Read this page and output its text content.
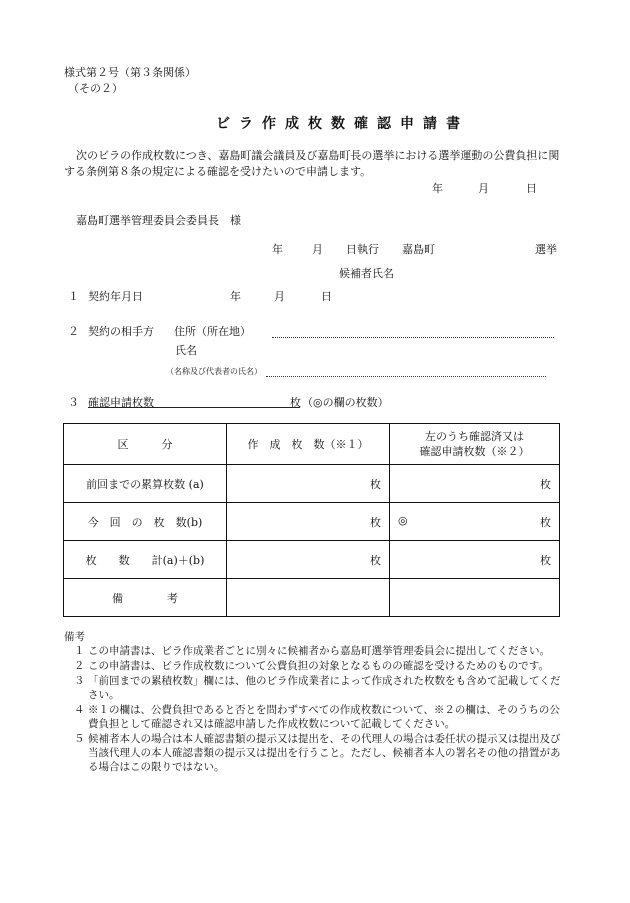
様式第２号（第３条関係）
（その２）
ビラ作成枚数確認申請書
次のビラの作成枚数につき、嘉島町議会議員及び嘉島町長の選挙における選挙運動の公費負担に関する条例第８条の規定による確認を受けたいので申請します。
年	月	日
嘉島町選挙管理委員会委員長　様
年	月 日執行 嘉島町	選挙
候補者氏名
１ 契約年月日	年	月	日
２ 契約の相手方 住所（所在地）
氏名
（名称及び代表者の氏名）
３ 確認申請枚数	枚 （◎の欄の枚数）
区　　　分	作　成　枚　数（※１）	左のうち確認済又は
確認申請枚数（※２）

前回までの累算枚数 (a)	枚	枚
今　回　の　枚　数(b)	枚	◎ 枚
枚　　数　　計(a)＋(b)	枚	枚
備　　　　考		
備考
１ この申請書は、ビラ作成業者ごとに別々に候補者から嘉島町選挙管理委員会に提出してください。
２ この申請書は、ビラ作成枚数について公費負担の対象となるものの確認を受けるためのものです。
３ 「前回までの累積枚数」欄には、他のビラ作成業者によって作成された枚数をも含めて記載してください。
４ ※１の欄は、公費負担であると否とを問わずすべての作成枚数について、※２の欄は、そのうちの公費負担として確認され又は確認申請した作成枚数について記載してください。
５ 候補者本人の場合は本人確認書類の提示又は提出を、その代理人の場合は委任状の提示又は提出及び当該代理人の本人確認書類の提示又は提出を行うこと。ただし、候補者本人の署名その他の措置がある場合はこの限りではない。
